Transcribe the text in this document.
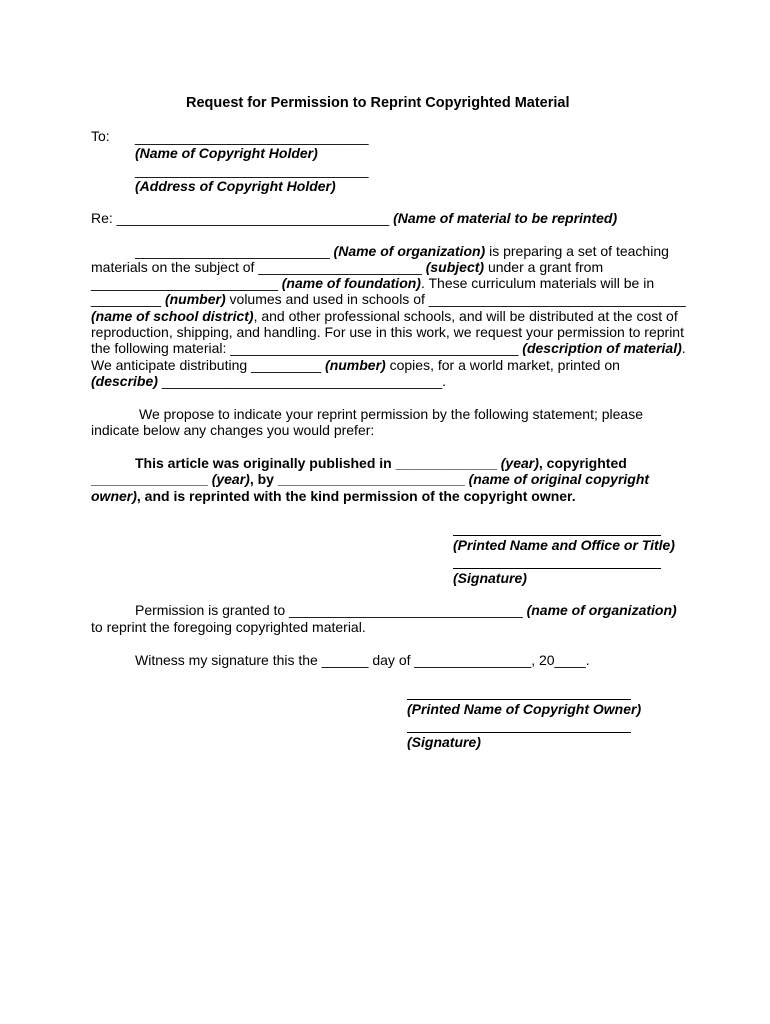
Request for Permission to Reprint Copyrighted Material
To: ______________________________
(Name of Copyright Holder)
______________________________
(Address of Copyright Holder)
Re: ___________________________________ (Name of material to be reprinted)
_________________________ (Name of organization) is preparing a set of teaching
materials on the subject of _____________________ (subject) under a grant from
________________________ (name of foundation). These curriculum materials will be in
_________ (number) volumes and used in schools of _________________________________
(name of school district), and other professional schools, and will be distributed at the cost of
reproduction, shipping, and handling. For use in this work, we request your permission to reprint
the following material: _____________________________________ (description of material).
We anticipate distributing _________ (number) copies, for a world market, printed on
(describe) ____________________________________.
We propose to indicate your reprint permission by the following statement; please
indicate below any changes you would prefer:
This article was originally published in _____________ (year), copyrighted
_______________ (year), by ________________________ (name of original copyright
owner), and is reprinted with the kind permission of the copyright owner.
(Printed Name and Office or Title)
(Signature)
Permission is granted to ______________________________ (name of organization)
to reprint the foregoing copyrighted material.
Witness my signature this the ______ day of _______________, 20____.
(Printed Name of Copyright Owner)
(Signature)
